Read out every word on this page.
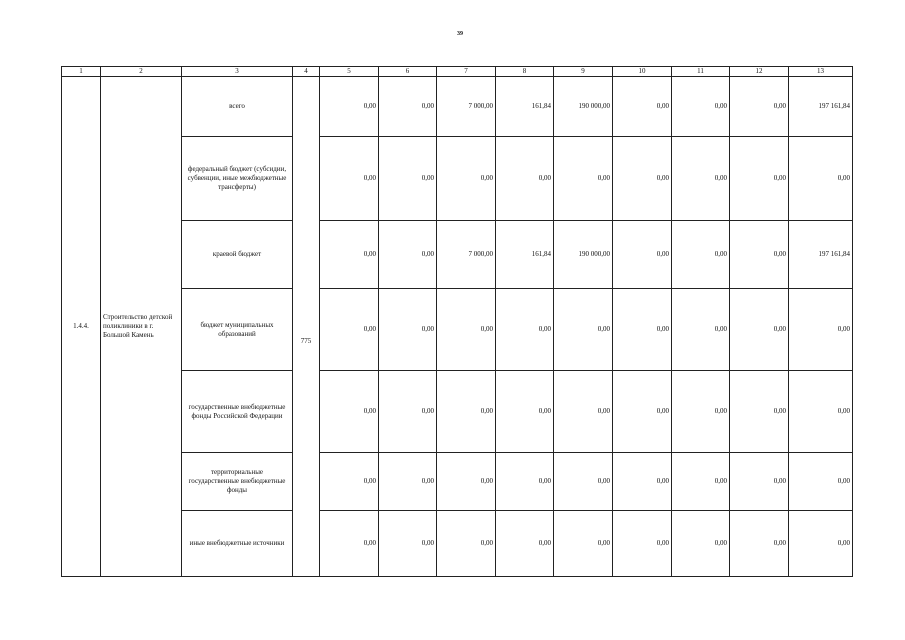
39
1	2	3	4	5	6	7	8	9	10	11	12	13
1.4.4.	Строительство детской поликлиники в г. Большой Камень	всего	775	0,00	0,00	7 000,00	161,84	190 000,00	0,00	0,00	0,00	197 161,84
		федеральный бюджет (субсидии, субвенции, иные межбюджетные трансферты)		0,00	0,00	0,00	0,00	0,00	0,00	0,00	0,00	0,00
		краевой бюджет		0,00	0,00	7 000,00	161,84	190 000,00	0,00	0,00	0,00	197 161,84
		бюджет муниципальных образований		0,00	0,00	0,00	0,00	0,00	0,00	0,00	0,00	0,00
		государственные внебюджетные фонды Российской Федерации		0,00	0,00	0,00	0,00	0,00	0,00	0,00	0,00	0,00
		территориальные государственные внебюджетные фонды		0,00	0,00	0,00	0,00	0,00	0,00	0,00	0,00	0,00
		иные внебюджетные источники		0,00	0,00	0,00	0,00	0,00	0,00	0,00	0,00	0,00
